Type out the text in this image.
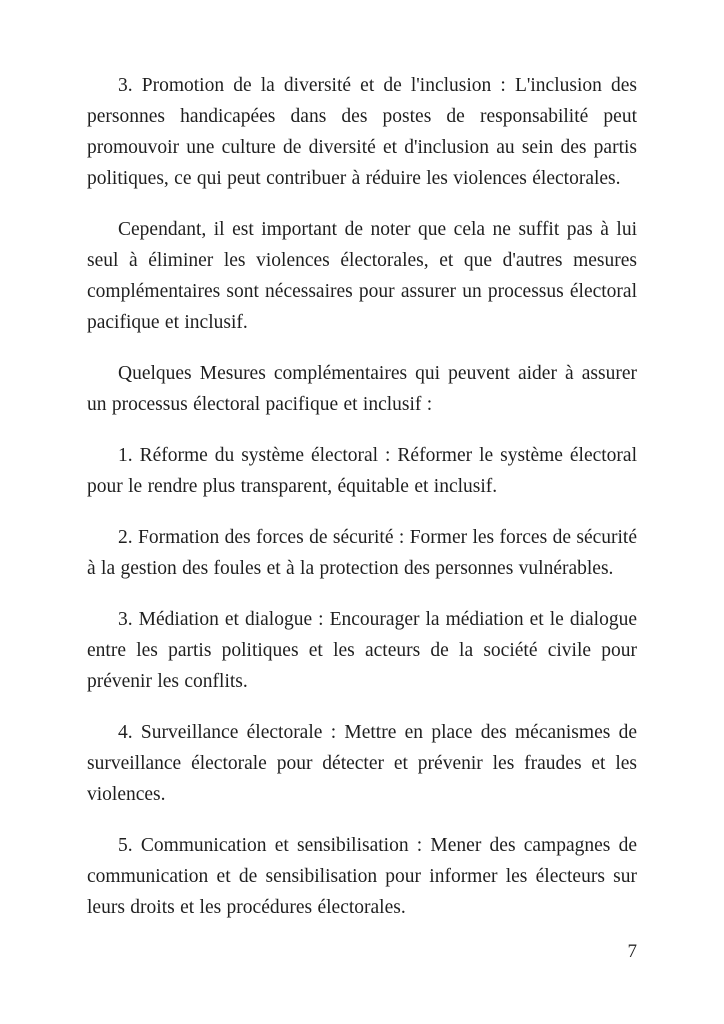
3. Promotion de la diversité et de l'inclusion : L'inclusion des personnes handicapées dans des postes de responsabilité peut promouvoir une culture de diversité et d'inclusion au sein des partis politiques, ce qui peut contribuer à réduire les violences électorales.

Cependant, il est important de noter que cela ne suffit pas à lui seul à éliminer les violences électorales, et que d'autres mesures complémentaires sont nécessaires pour assurer un processus électoral pacifique et inclusif.

Quelques Mesures complémentaires qui peuvent aider à assurer un processus électoral pacifique et inclusif :

1. Réforme du système électoral : Réformer le système électoral pour le rendre plus transparent, équitable et inclusif.

2. Formation des forces de sécurité : Former les forces de sécurité à la gestion des foules et à la protection des personnes vulnérables.

3. Médiation et dialogue : Encourager la médiation et le dialogue entre les partis politiques et les acteurs de la société civile pour prévenir les conflits.

4. Surveillance électorale : Mettre en place des mécanismes de surveillance électorale pour détecter et prévenir les fraudes et les violences.

5. Communication et sensibilisation : Mener des campagnes de communication et de sensibilisation pour informer les électeurs sur leurs droits et les procédures électorales.

7
